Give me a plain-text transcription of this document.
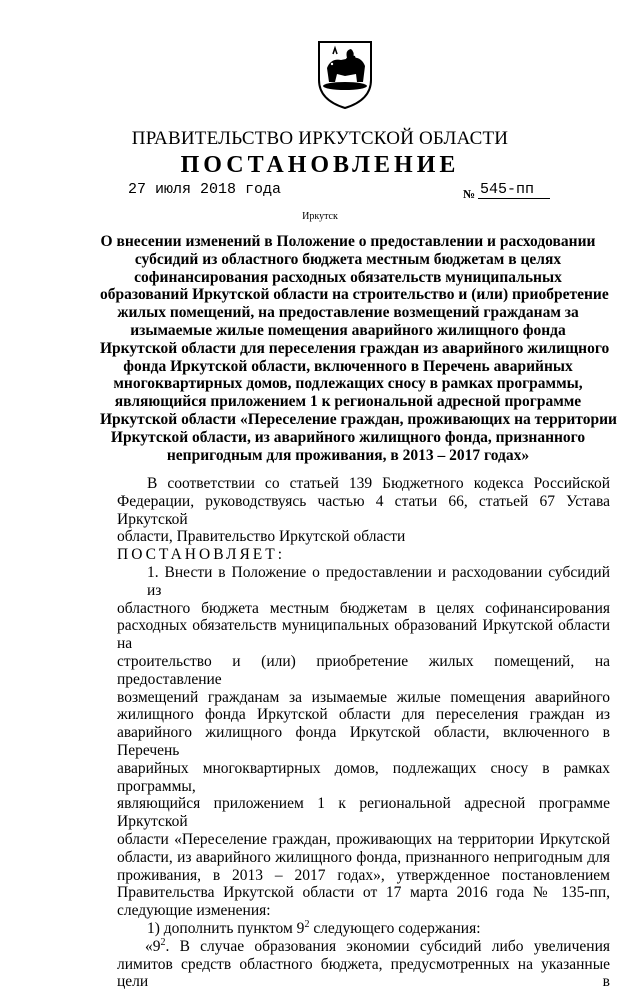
ПРАВИТЕЛЬСТВО ИРКУТСКОЙ ОБЛАСТИ
ПОСТАНОВЛЕНИЕ
27 июля 2018 года	№ 545-пп
Иркутск
О внесении изменений в Положение о предоставлении и расходовании
субсидий из областного бюджета местным бюджетам в целях
софинансирования расходных обязательств муниципальных
образований Иркутской области на строительство и (или) приобретение
жилых помещений, на предоставление возмещений гражданам за
изымаемые жилые помещения аварийного жилищного фонда
Иркутской области для переселения граждан из аварийного жилищного
фонда Иркутской области, включенного в Перечень аварийных
многоквартирных домов, подлежащих сносу в рамках программы,
являющийся приложением 1 к региональной адресной программе
Иркутской области «Переселение граждан, проживающих на территории
Иркутской области, из аварийного жилищного фонда, признанного
непригодным для проживания, в 2013 – 2017 годах»
В соответствии со статьей 139 Бюджетного кодекса Российской
Федерации, руководствуясь частью 4 статьи 66, статьей 67 Устава Иркутской
области, Правительство Иркутской области
ПОСТАНОВЛЯЕТ:
1. Внести в Положение о предоставлении и расходовании субсидий из
областного бюджета местным бюджетам в целях софинансирования
расходных обязательств муниципальных образований Иркутской области на
строительство и (или) приобретение жилых помещений, на предоставление
возмещений гражданам за изымаемые жилые помещения аварийного
жилищного фонда Иркутской области для переселения граждан из
аварийного жилищного фонда Иркутской области, включенного в Перечень
аварийных многоквартирных домов, подлежащих сносу в рамках программы,
являющийся приложением 1 к региональной адресной программе Иркутской
области «Переселение граждан, проживающих на территории Иркутской
области, из аварийного жилищного фонда, признанного непригодным для
проживания, в 2013 – 2017 годах», утвержденное постановлением
Правительства Иркутской области от 17 марта 2016 года № 135-пп,
следующие изменения:
1) дополнить пунктом $9^2$ следующего содержания:
«$9^2$. В случае образования экономии субсидий либо увеличения
лимитов средств областного бюджета, предусмотренных на указанные цели в
